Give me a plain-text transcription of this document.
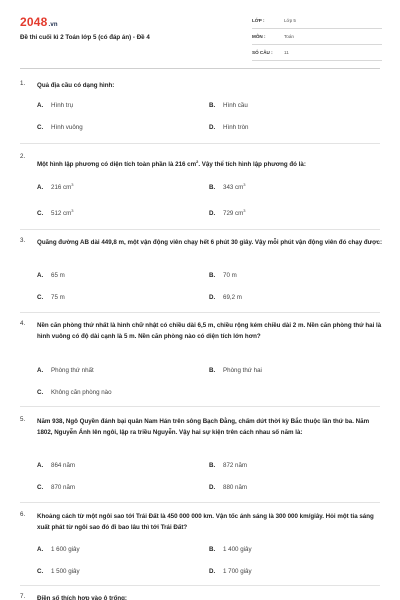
2048.vn
Đề thi cuối kì 2 Toán lớp 5 (có đáp án) - Đề 4
LỚP :	Lớp 5
MÔN :	Toán
SỐ CÂU :	11
1. Quả địa cầu có dạng hình:
A. Hình trụ	B. Hình cầu
C. Hình vuông	D. Hình tròn
2.
Một hình lập phương có diện tích toàn phần là 216 $cm^2$. Vậy thể tích hình lập phương đó là:
A. 216 $cm^3$	B. 343 $cm^3$
C. 512 $cm^3$	D. 729 $cm^3$
3. Quãng đường AB dài 449,8 m, một vận động viên chạy hết 6 phút 30 giây. Vậy mỗi phút vận động viên đó chạy được:
A. 65 m	B. 70 m
C. 75 m	D. 69,2 m
4. Nền căn phòng thứ nhất là hình chữ nhật có chiều dài 6,5 m, chiều rộng kém chiều dài 2 m. Nền căn phòng thứ hai là hình vuông có độ dài cạnh là 5 m. Nền căn phòng nào có diện tích lớn hơn?
A. Phòng thứ nhất	B. Phòng thứ hai
C. Không căn phòng nào
5. Năm 938, Ngô Quyền đánh bại quân Nam Hán trên sông Bạch Đằng, chấm dứt thời kỳ Bắc thuộc lần thứ ba. Năm 1802, Nguyễn Ánh lên ngôi, lập ra triều Nguyễn. Vậy hai sự kiện trên cách nhau số năm là:
A. 864 năm	B. 872 năm
C. 870 năm	D. 880 năm
6. Khoảng cách từ một ngôi sao tới Trái Đất là 450 000 000 km. Vận tốc ánh sáng là 300 000 km/giây. Hỏi một tia sáng xuất phát từ ngôi sao đó đi bao lâu thì tới Trái Đất?
A. 1 600 giây	B. 1 400 giây
C. 1 500 giây	D. 1 700 giây
7. Điền số thích hợp vào ô trống:
